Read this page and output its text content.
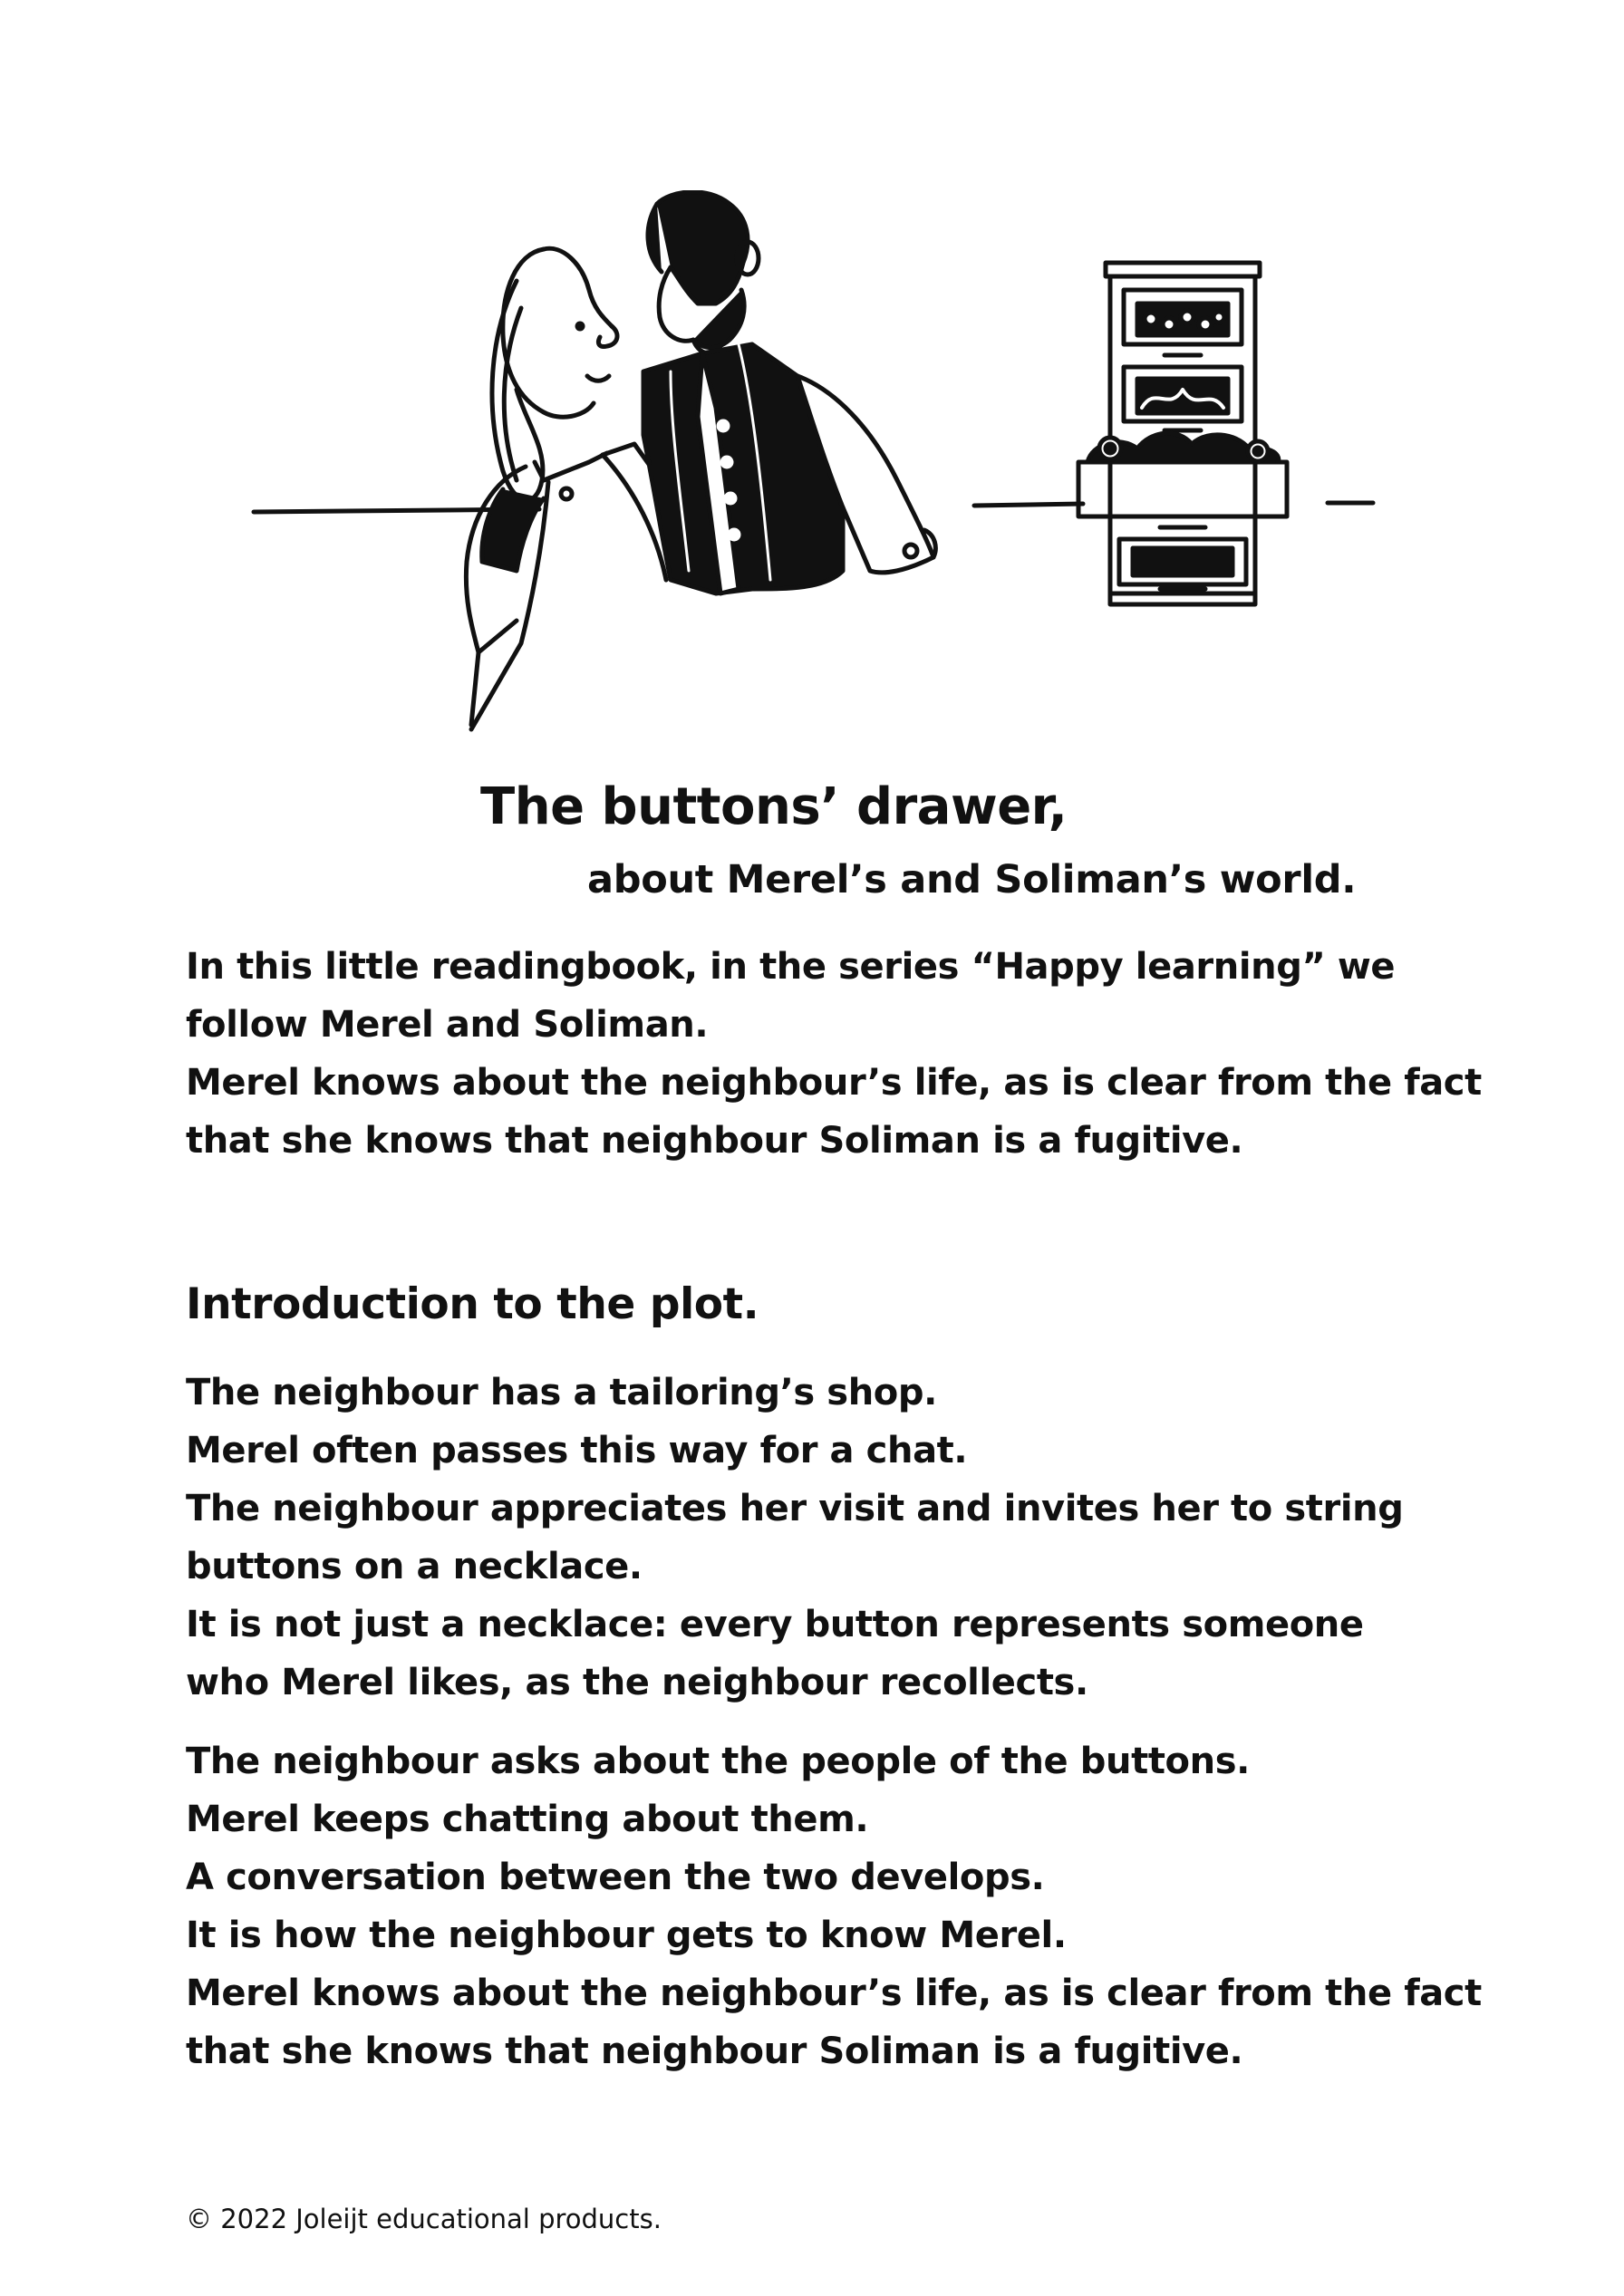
The buttons’ drawer,
about Merel’s and Soliman’s world.

In this little readingbook, in the series “Happy learning” we
follow Merel and Soliman.
Merel knows about the neighbour’s life, as is clear from the fact
that she knows that neighbour Soliman is a fugitive.

Introduction to the plot.

The neighbour has a tailoring’s shop.
Merel often passes this way for a chat.
The neighbour appreciates her visit and invites her to string
buttons on a necklace.
It is not just a necklace: every button represents someone
who Merel likes, as the neighbour recollects.

The neighbour asks about the people of the buttons.
Merel keeps chatting about them.
A conversation between the two develops.
It is how the neighbour gets to know Merel.
Merel knows about the neighbour’s life, as is clear from the fact
that she knows that neighbour Soliman is a fugitive.

© 2022 Joleijt educational products.
